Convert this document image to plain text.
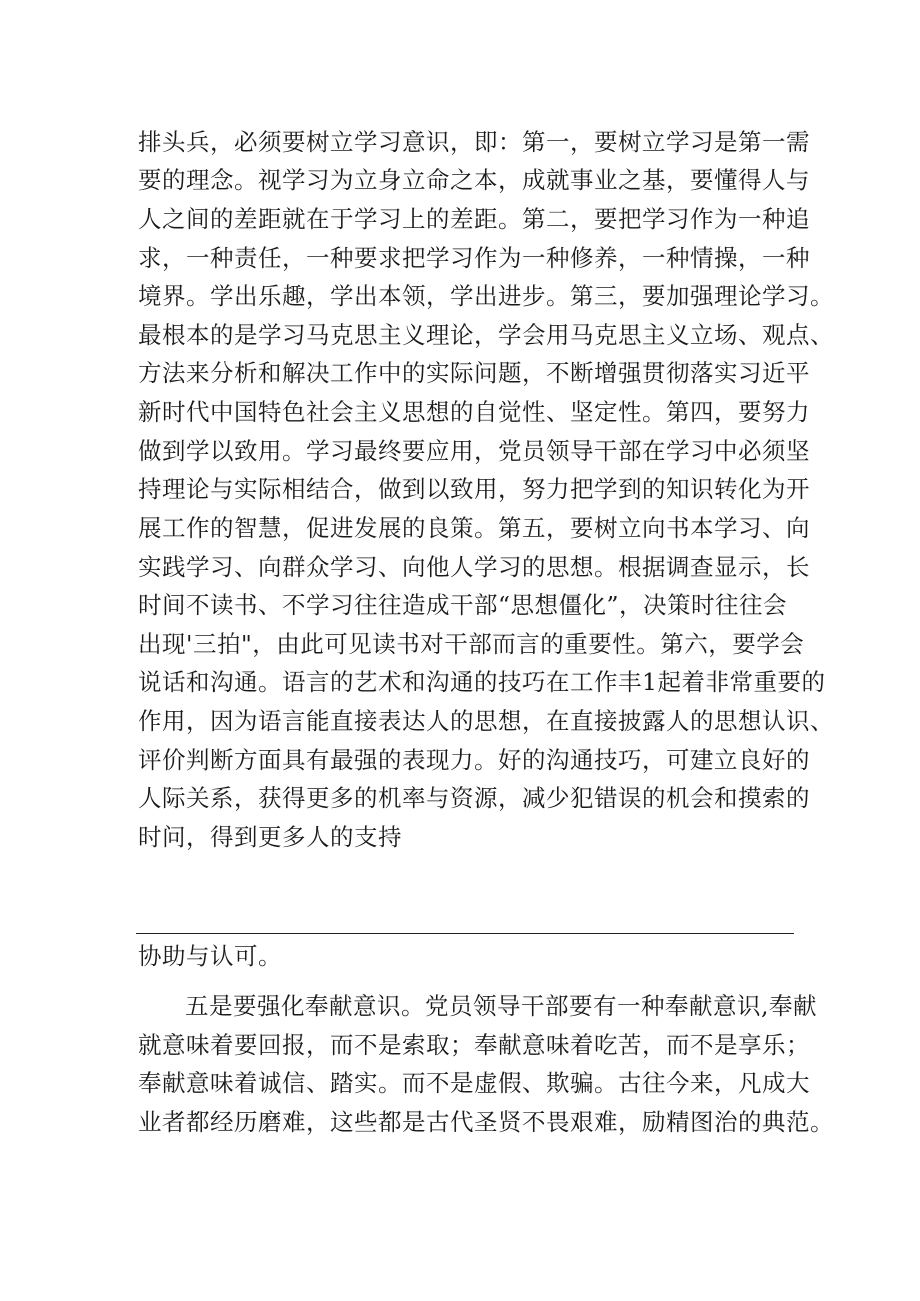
排头兵，必须要树立学习意识，即：第一，要树立学习是第一需
要的理念。视学习为立身立命之本，成就事业之基，要懂得人与
人之间的差距就在于学习上的差距。第二，要把学习作为一种追
求，一种责任，一种要求把学习作为一种修养，一种情操，一种
境界。学出乐趣，学出本领，学出进步。第三，要加强理论学习。
最根本的是学习马克思主义理论，学会用马克思主义立场、观点、
方法来分析和解决工作中的实际问题，不断增强贯彻落实习近平
新时代中国特色社会主义思想的自觉性、坚定性。第四，要努力
做到学以致用。学习最终要应用，党员领导干部在学习中必须坚
持理论与实际相结合，做到以致用，努力把学到的知识转化为开
展工作的智慧，促进发展的良策。第五，要树立向书本学习、向
实践学习、向群众学习、向他人学习的思想。根据调查显示，长
时间不读书、不学习往往造成干部“思想僵化”，决策时往往会
出现'三拍"，由此可见读书对干部而言的重要性。第六，要学会
说话和沟通。语言的艺术和沟通的技巧在工作丰1起着非常重要的
作用，因为语言能直接表达人的思想，在直接披露人的思想认识、
评价判断方面具有最强的表现力。好的沟通技巧，可建立良好的
人际关系，获得更多的机率与资源，减少犯错误的机会和摸索的
时问，得到更多人的支持
协助与认可。
五是要强化奉献意识。党员领导干部要有一种奉献意识,奉献
就意味着要回报，而不是索取；奉献意味着吃苦，而不是享乐；
奉献意味着诚信、踏实。而不是虚假、欺骗。古往今来，凡成大
业者都经历磨难，这些都是古代圣贤不畏艰难，励精图治的典范。
